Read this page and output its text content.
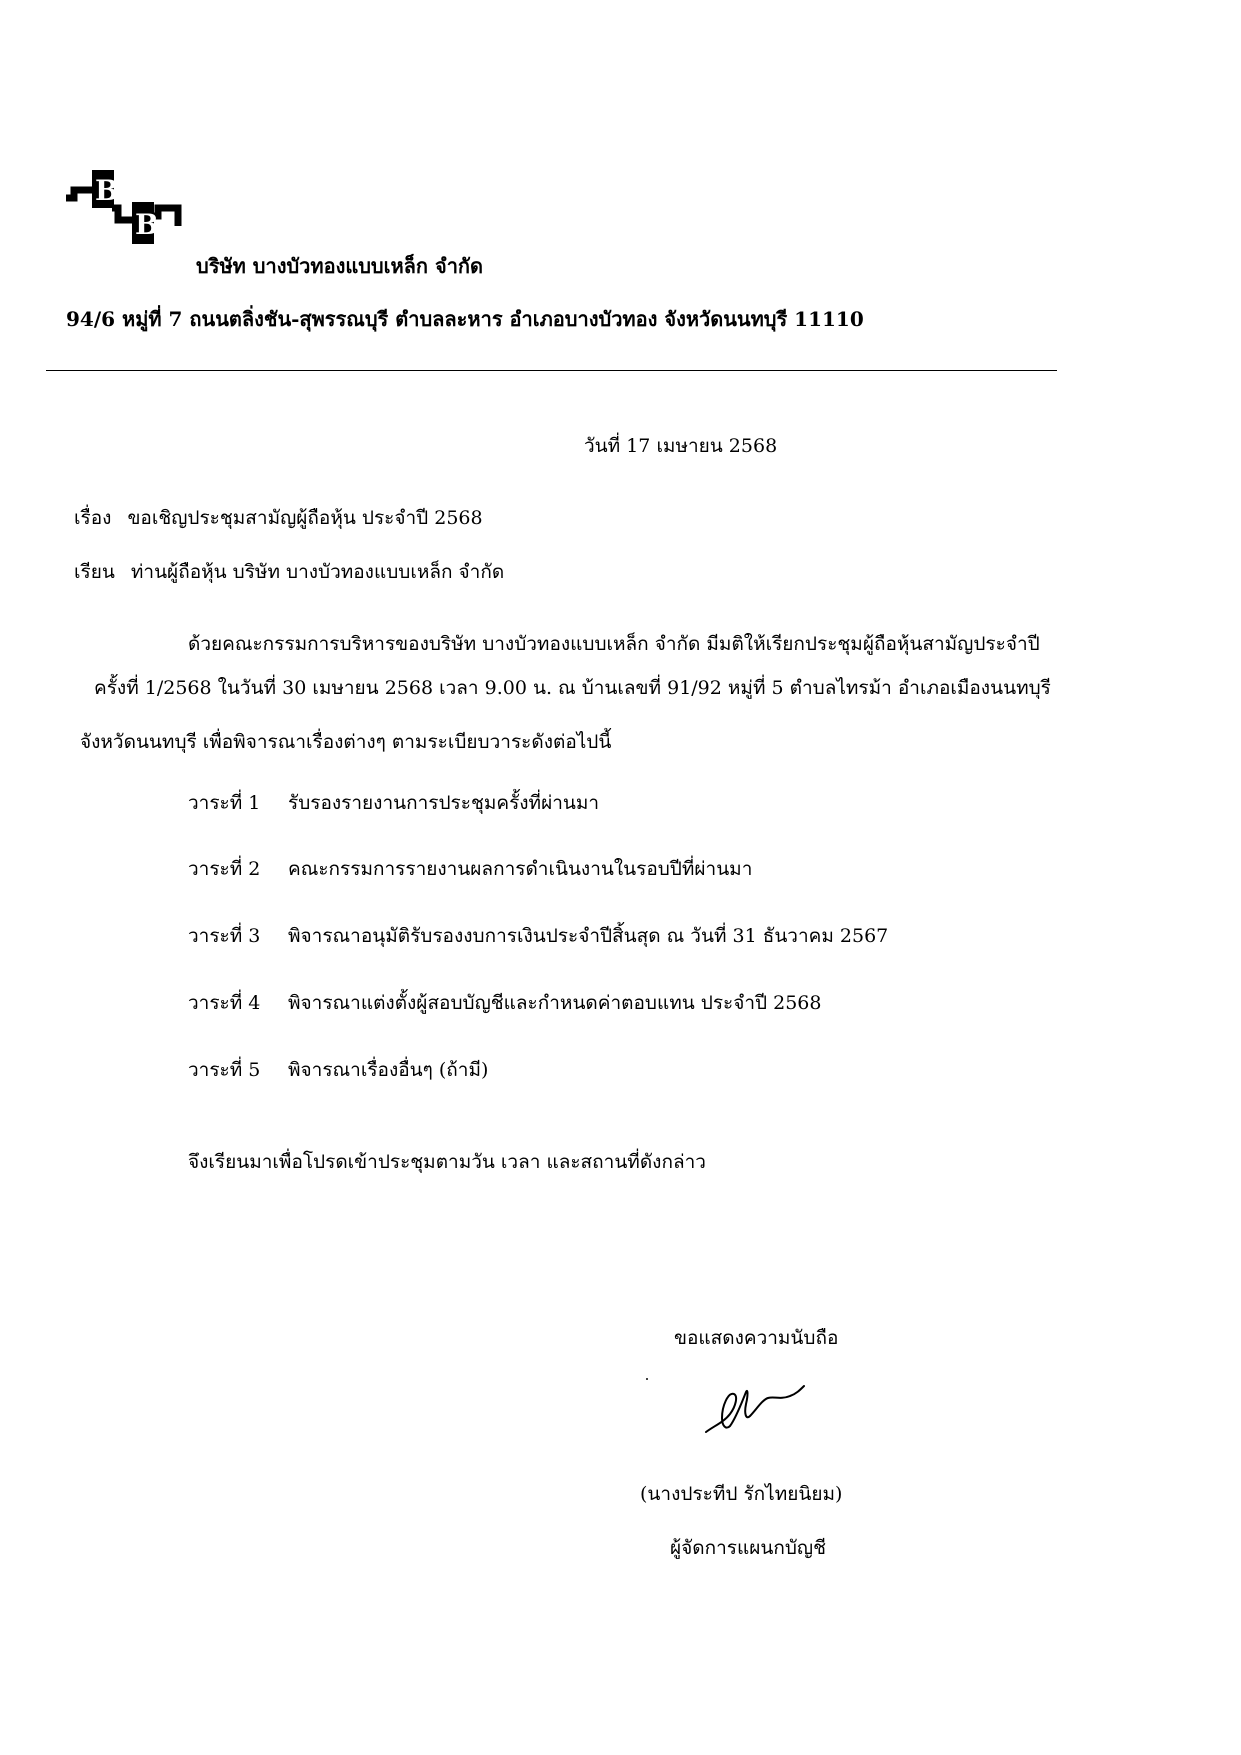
B
B
บริษัท บางบัวทองแบบเหล็ก จำกัด
94/6 หมู่ที่ 7 ถนนตลิ่งชัน-สุพรรณบุรี ตำบลละหาร อำเภอบางบัวทอง จังหวัดนนทบุรี 11110
วันที่ 17 เมษายน 2568
เรื่อง ขอเชิญประชุมสามัญผู้ถือหุ้น ประจำปี 2568
เรียน ท่านผู้ถือหุ้น บริษัท บางบัวทองแบบเหล็ก จำกัด
ด้วยคณะกรรมการบริหารของบริษัท บางบัวทองแบบเหล็ก จำกัด มีมติให้เรียกประชุมผู้ถือหุ้นสามัญประจำปี
ครั้งที่ 1/2568 ในวันที่ 30 เมษายน 2568 เวลา 9.00 น. ณ บ้านเลขที่ 91/92 หมู่ที่ 5 ตำบลไทรม้า อำเภอเมืองนนทบุรี
จังหวัดนนทบุรี เพื่อพิจารณาเรื่องต่างๆ ตามระเบียบวาระดังต่อไปนี้
วาระที่ 1 รับรองรายงานการประชุมครั้งที่ผ่านมา
วาระที่ 2 คณะกรรมการรายงานผลการดำเนินงานในรอบปีที่ผ่านมา
วาระที่ 3 พิจารณาอนุมัติรับรองงบการเงินประจำปีสิ้นสุด ณ วันที่ 31 ธันวาคม 2567
วาระที่ 4 พิจารณาแต่งตั้งผู้สอบบัญชีและกำหนดค่าตอบแทน ประจำปี 2568
วาระที่ 5 พิจารณาเรื่องอื่นๆ (ถ้ามี)
จึงเรียนมาเพื่อโปรดเข้าประชุมตามวัน เวลา และสถานที่ดังกล่าว
ขอแสดงความนับถือ
(นางประทีป รักไทยนิยม)
ผู้จัดการแผนกบัญชี
